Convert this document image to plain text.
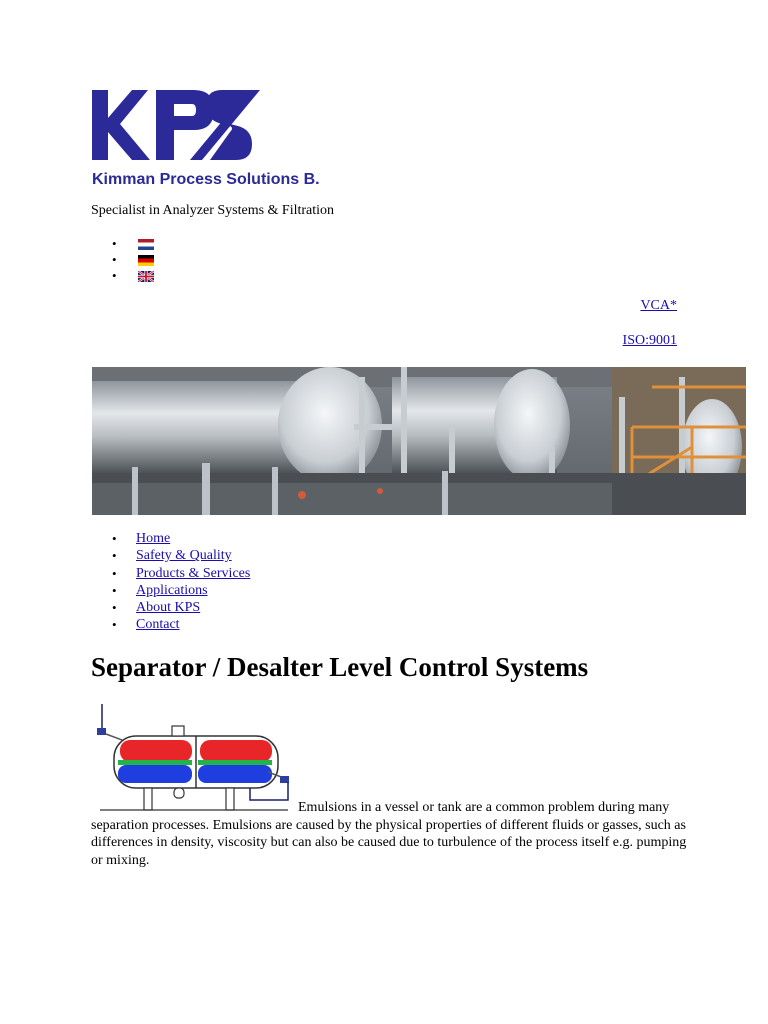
Kimman Process Solutions B.V.
Specialist in Analyzer Systems & Filtration
VCA*
ISO:9001
Home
Safety & Quality
Products & Services
Applications
About KPS
Contact
Separator / Desalter Level Control Systems

Emulsions in a vessel or tank are a common problem during many separation processes. Emulsions are caused by the physical properties of different fluids or gasses, such as differences in density, viscosity but can also be caused due to turbulence of the process itself e.g. pumping or mixing.
